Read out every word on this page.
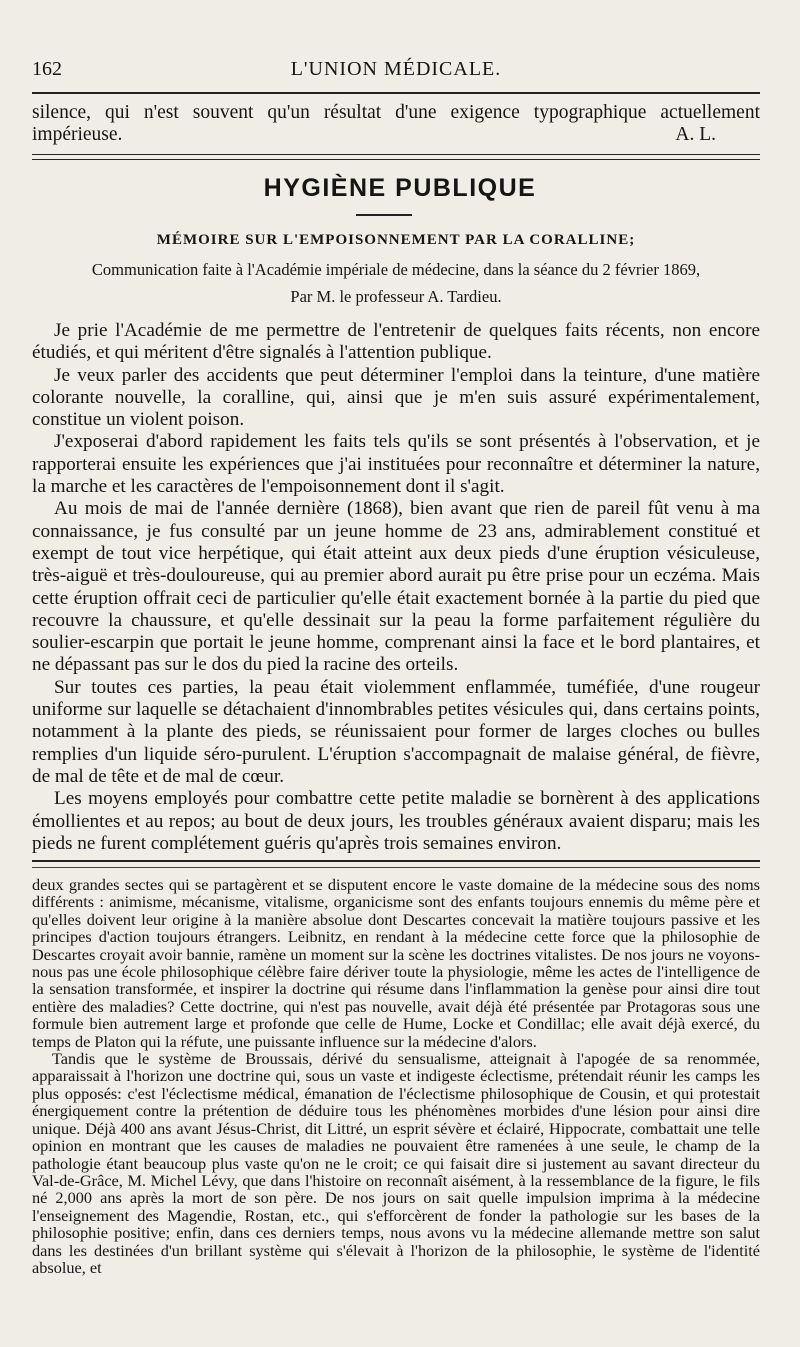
162	L'UNION MÉDICALE.
silence, qui n'est souvent qu'un résultat d'une exigence typographique actuellement impérieuse.	A. L.
HYGIÈNE PUBLIQUE
MÉMOIRE SUR L'EMPOISONNEMENT PAR LA CORALLINE;
Communication faite à l'Académie impériale de médecine, dans la séance du 2 février 1869,
Par M. le professeur A. Tardieu.

Je prie l'Académie de me permettre de l'entretenir de quelques faits récents, non encore étudiés, et qui méritent d'être signalés à l'attention publique.

Je veux parler des accidents que peut déterminer l'emploi dans la teinture, d'une matière colorante nouvelle, la coralline, qui, ainsi que je m'en suis assuré expérimentalement, constitue un violent poison.

J'exposerai d'abord rapidement les faits tels qu'ils se sont présentés à l'observation, et je rapporterai ensuite les expériences que j'ai instituées pour reconnaître et déterminer la nature, la marche et les caractères de l'empoisonnement dont il s'agit.

Au mois de mai de l'année dernière (1868), bien avant que rien de pareil fût venu à ma connaissance, je fus consulté par un jeune homme de 23 ans, admirablement constitué et exempt de tout vice herpétique, qui était atteint aux deux pieds d'une éruption vésiculeuse, très-aiguë et très-douloureuse, qui au premier abord aurait pu être prise pour un eczéma. Mais cette éruption offrait ceci de particulier qu'elle était exactement bornée à la partie du pied que recouvre la chaussure, et qu'elle dessinait sur la peau la forme parfaitement régulière du soulier-escarpin que portait le jeune homme, comprenant ainsi la face et le bord plantaires, et ne dépassant pas sur le dos du pied la racine des orteils.

Sur toutes ces parties, la peau était violemment enflammée, tuméfiée, d'une rougeur uniforme sur laquelle se détachaient d'innombrables petites vésicules qui, dans certains points, notamment à la plante des pieds, se réunissaient pour former de larges cloches ou bulles remplies d'un liquide séro-purulent. L'éruption s'accompagnait de malaise général, de fièvre, de mal de tête et de mal de cœur.

Les moyens employés pour combattre cette petite maladie se bornèrent à des applications émollientes et au repos; au bout de deux jours, les troubles généraux avaient disparu; mais les pieds ne furent complétement guéris qu'après trois semaines environ.

deux grandes sectes qui se partagèrent et se disputent encore le vaste domaine de la médecine sous des noms différents : animisme, mécanisme, vitalisme, organicisme sont des enfants toujours ennemis du même père et qu'elles doivent leur origine à la manière absolue dont Descartes concevait la matière toujours passive et les principes d'action toujours étrangers. Leibnitz, en rendant à la médecine cette force que la philosophie de Descartes croyait avoir bannie, ramène un moment sur la scène les doctrines vitalistes. De nos jours ne voyons-nous pas une école philosophique célèbre faire dériver toute la physiologie, même les actes de l'intelligence de la sensation transformée, et inspirer la doctrine qui résume dans l'inflammation la genèse pour ainsi dire tout entière des maladies? Cette doctrine, qui n'est pas nouvelle, avait déjà été présentée par Protagoras sous une formule bien autrement large et profonde que celle de Hume, Locke et Condillac; elle avait déjà exercé, du temps de Platon qui la réfute, une puissante influence sur la médecine d'alors.

Tandis que le système de Broussais, dérivé du sensualisme, atteignait à l'apogée de sa renommée, apparaissait à l'horizon une doctrine qui, sous un vaste et indigeste éclectisme, prétendait réunir les camps les plus opposés: c'est l'éclectisme médical, émanation de l'éclectisme philosophique de Cousin, et qui protestait énergiquement contre la prétention de déduire tous les phénomènes morbides d'une lésion pour ainsi dire unique. Déjà 400 ans avant Jésus-Christ, dit Littré, un esprit sévère et éclairé, Hippocrate, combattait une telle opinion en montrant que les causes de maladies ne pouvaient être ramenées à une seule, le champ de la pathologie étant beaucoup plus vaste qu'on ne le croit; ce qui faisait dire si justement au savant directeur du Val-de-Grâce, M. Michel Lévy, que dans l'histoire on reconnaît aisément, à la ressemblance de la figure, le fils né 2,000 ans après la mort de son père. De nos jours on sait quelle impulsion imprima à la médecine l'enseignement des Magendie, Rostan, etc., qui s'efforcèrent de fonder la pathologie sur les bases de la philosophie positive; enfin, dans ces derniers temps, nous avons vu la médecine allemande mettre son salut dans les destinées d'un brillant système qui s'élevait à l'horizon de la philosophie, le système de l'identité absolue, et
